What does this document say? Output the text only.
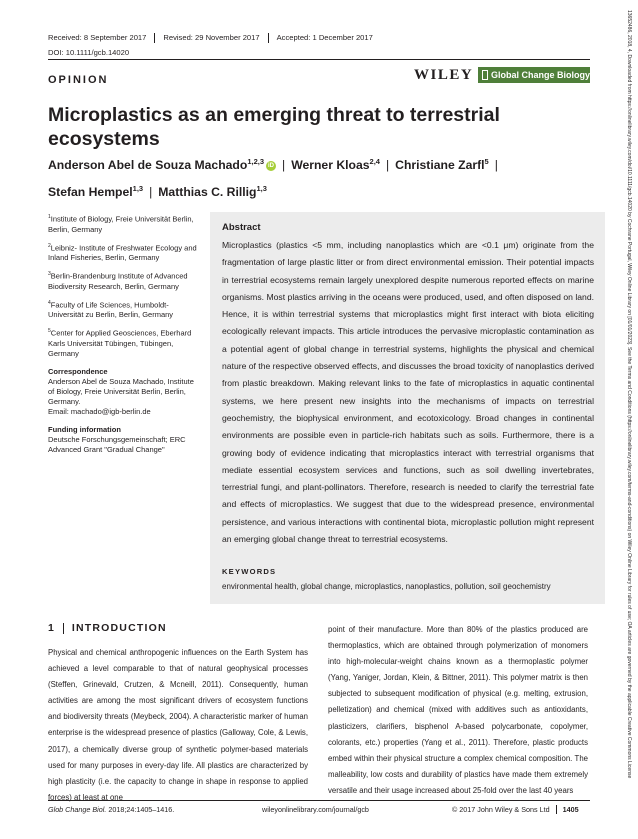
Received: 8 September 2017	Revised: 29 November 2017	Accepted: 1 December 2017
DOI: 10.1111/gcb.14020
OPINION	WILEY Global Change Biology
Microplastics as an emerging threat to terrestrial ecosystems
Anderson Abel de Souza Machado$^{1,2,3}$ iD | Werner Kloas$^{2,4}$ | Christiane Zarfl$^5$ |
Stefan Hempel$^{1,3}$ | Matthias C. Rillig$^{1,3}$

$^1$Institute of Biology, Freie Universität Berlin, Berlin, Germany

$^2$Leibniz- Institute of Freshwater Ecology and Inland Fisheries, Berlin, Germany

$^3$Berlin-Brandenburg Institute of Advanced Biodiversity Research, Berlin, Germany

$^4$Faculty of Life Sciences, Humboldt-Universität zu Berlin, Berlin, Germany

$^5$Center for Applied Geosciences, Eberhard Karls Universität Tübingen, Tübingen, Germany

Correspondence

Anderson Abel de Souza Machado, Institute of Biology, Freie Universität Berlin, Berlin, Germany.

Email: machado@igb-berlin.de

Funding information

Deutsche Forschungsgemeinschaft; ERC Advanced Grant "Gradual Change"

Abstract
Microplastics (plastics <5 mm, including nanoplastics which are <0.1 μm) originate from the fragmentation of large plastic litter or from direct environmental emission. Their potential impacts in terrestrial ecosystems remain largely unexplored despite numerous reported effects on marine organisms. Most plastics arriving in the oceans were produced, used, and often disposed on land. Hence, it is within terrestrial systems that microplastics might first interact with biota eliciting ecologically relevant impacts. This article introduces the pervasive microplastic contamination as a potential agent of global change in terrestrial systems, highlights the physical and chemical nature of the respective observed effects, and discusses the broad toxicity of nanoplastics derived from plastic breakdown. Making relevant links to the fate of microplastics in aquatic continental systems, we here present new insights into the mechanisms of impacts on terrestrial geochemistry, the biophysical environment, and ecotoxicology. Broad changes in continental environments are possible even in particle-rich habitats such as soils. Furthermore, there is a growing body of evidence indicating that microplastics interact with terrestrial organisms that mediate essential ecosystem services and functions, such as soil dwelling invertebrates, terrestrial fungi, and plant-pollinators. Therefore, research is needed to clarify the terrestrial fate and effects of microplastics. We suggest that due to the widespread presence, environmental persistence, and various interactions with continental biota, microplastic pollution might represent an emerging global change threat to terrestrial ecosystems.
KEYWORDS
environmental health, global change, microplastics, nanoplastics, pollution, soil geochemistry
1 INTRODUCTION
Physical and chemical anthropogenic influences on the Earth System has achieved a level comparable to that of natural geophysical processes (Steffen, Grinevald, Crutzen, & Mcneill, 2011). Consequently, human activities are among the most significant drivers of ecosystem functions and biodiversity threats (Meybeck, 2004). A characteristic marker of human enterprise is the widespread presence of plastics (Galloway, Cole, & Lewis, 2017), a chemically diverse group of synthetic polymer-based materials used for many purposes in every-day life. All plastics are characterized by high plasticity (i.e. the capacity to change in shape in response to applied forces) at least at one
point of their manufacture. More than 80% of the plastics produced are thermoplastics, which are obtained through polymerization of monomers into high-molecular-weight chains known as a thermoplastic polymer (Yang, Yaniger, Jordan, Klein, & Bittner, 2011). This polymer matrix is then subjected to subsequent modification of physical (e.g. melting, extrusion, pelletization) and chemical (mixed with additives such as antioxidants, plasticizers, clarifiers, bisphenol A-based polycarbonate, copolymer, colorants, etc.) properties (Yang et al., 2011). Therefore, plastic products embed within their physical structure a complex chemical composition. The malleability, low costs and durability of plastics have made them extremely versatile and their usage increased about 25-fold over the last 40 years
Glob Change Biol. 2018;24:1405–1416.	wileyonlinelibrary.com/journal/gcb	© 2017 John Wiley & Sons Ltd	1405
13652486, 2018, 4, Downloaded from https://onlinelibrary.wiley.com/doi/10.1111/gcb.14020 by Cochrane Portugal, Wiley Online Library on [01/01/2023]. See the Terms and Conditions (https://onlinelibrary.wiley.com/terms-and-conditions) on Wiley Online Library for rules of use; OA articles are governed by the applicable Creative Commons License
